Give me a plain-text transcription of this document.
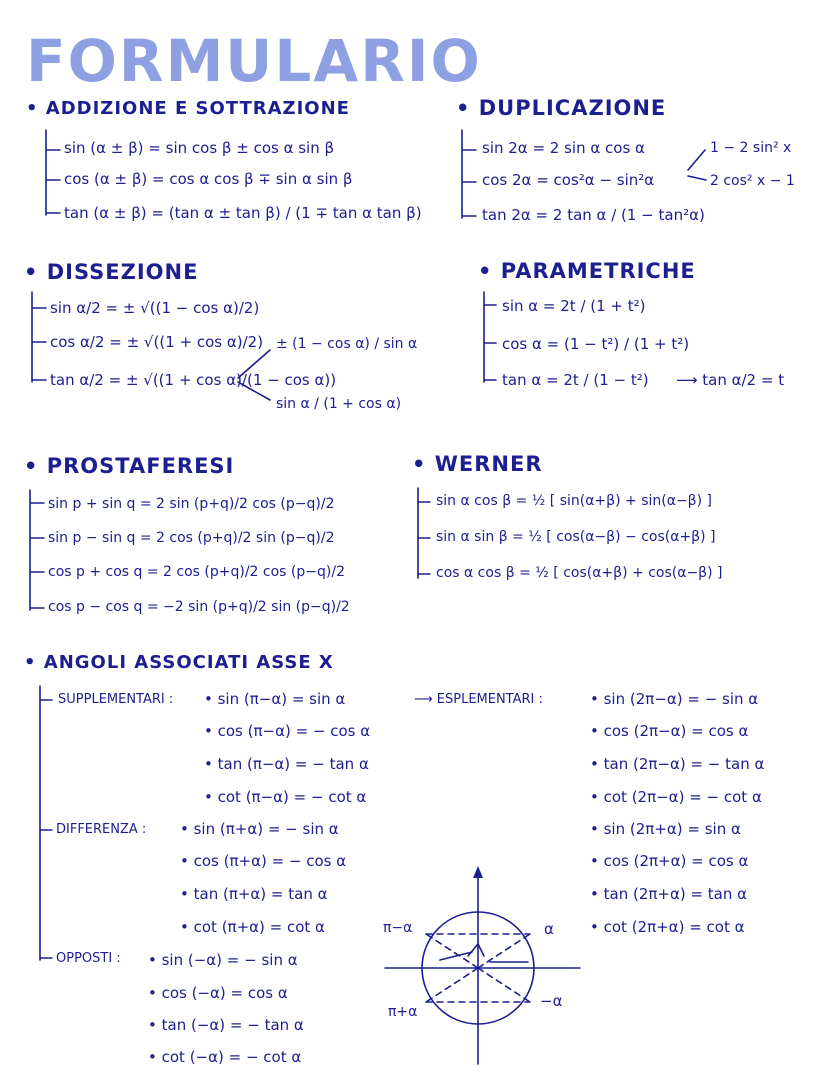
FORMULARIO
π−α	α
π+α
−α
• ADDIZIONE E SOTTRAZIONE
sin (α ± β) = sin cos β ± cos α sin β
cos (α ± β) = cos α cos β ∓ sin α sin β
tan (α ± β) = (tan α ± tan β) / (1 ∓ tan α tan β)
• DUPLICAZIONE
sin 2α = 2 sin α cos α
cos 2α = cos²α − sin²α
tan 2α = 2 tan α / (1 − tan²α)
1 − 2 sin² x
2 cos² x − 1
• DISSEZIONE
sin α/2 = ± √((1 − cos α)/2)
cos α/2 = ± √((1 + cos α)/2)
tan α/2 = ± √((1 + cos α)/(1 − cos α))
± (1 − cos α) / sin α
sin α / (1 + cos α)
• PARAMETRICHE
sin α = 2t / (1 + t²)
cos α = (1 − t²) / (1 + t²)
tan α = 2t / (1 − t²) ⟶ tan α/2 = t
• PROSTAFERESI
sin p + sin q = 2 sin (p+q)/2 cos (p−q)/2
sin p − sin q = 2 cos (p+q)/2 sin (p−q)/2
cos p + cos q = 2 cos (p+q)/2 cos (p−q)/2
cos p − cos q = −2 sin (p+q)/2 sin (p−q)/2
• WERNER
sin α cos β = ½ [ sin(α+β) + sin(α−β) ]
sin α sin β = ½ [ cos(α−β) − cos(α+β) ]
cos α cos β = ½ [ cos(α+β) + cos(α−β) ]
• ANGOLI ASSOCIATI ASSE X
SUPPLEMENTARI : • sin (π−α) = sin α
• cos (π−α) = − cos α
• tan (π−α) = − tan α
• cot (π−α) = − cot α
⟶ ESPLEMENTARI :	• sin (2π−α) = − sin α
• cos (2π−α) = cos α
• tan (2π−α) = − tan α
• cot (2π−α) = − cot α
• sin (2π+α) = sin α
• cos (2π+α) = cos α
• tan (2π+α) = tan α
• cot (2π+α) = cot α
DIFFERENZA : • sin (π+α) = − sin α
• cos (π+α) = − cos α
• tan (π+α) = tan α
• cot (π+α) = cot α
OPPOSTI : • sin (−α) = − sin α
• cos (−α) = cos α
• tan (−α) = − tan α
• cot (−α) = − cot α
